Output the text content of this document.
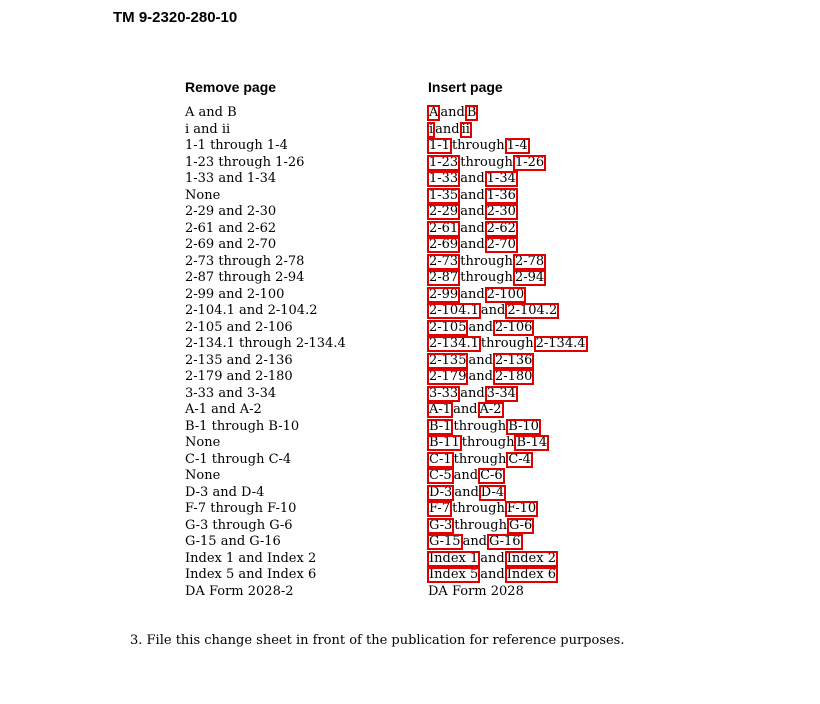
TM 9-2320-280-10
Remove page
A and B
i and ii
1-1 through 1-4
1-23 through 1-26
1-33 and 1-34
None
2-29 and 2-30
2-61 and 2-62
2-69 and 2-70
2-73 through 2-78
2-87 through 2-94
2-99 and 2-100
2-104.1 and 2-104.2
2-105 and 2-106
2-134.1 through 2-134.4
2-135 and 2-136
2-179 and 2-180
3-33 and 3-34
A-1 and A-2
B-1 through B-10
None
C-1 through C-4
None
D-3 and D-4
F-7 through F-10
G-3 through G-6
G-15 and G-16
Index 1 and Index 2
Index 5 and Index 6
DA Form 2028-2
Insert page
A and B
i and ii
1-1 through 1-4
1-23 through 1-26
1-33 and 1-34
1-35 and 1-36
2-29 and 2-30
2-61 and 2-62
2-69 and 2-70
2-73 through 2-78
2-87 through 2-94
2-99 and 2-100
2-104.1 and 2-104.2
2-105 and 2-106
2-134.1 through 2-134.4
2-135 and 2-136
2-179 and 2-180
3-33 and 3-34
A-1 and A-2
B-1 through B-10
B-11 through B-14
C-1 through C-4
C-5 and C-6
D-3 and D-4
F-7 through F-10
G-3 through G-6
G-15 and G-16
Index 1 and Index 2
Index 5 and Index 6
DA Form 2028
3. File this change sheet in front of the publication for reference purposes.
